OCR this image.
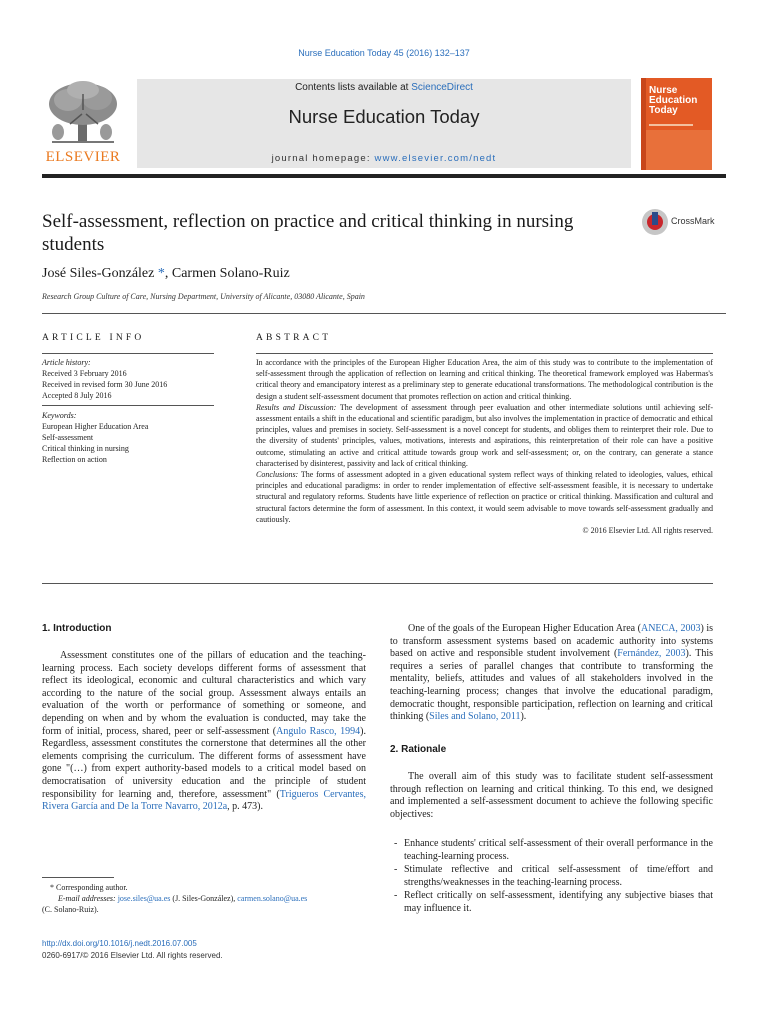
Nurse Education Today 45 (2016) 132–137
ELSEVIER
Contents lists available at ScienceDirect
Nurse Education Today
journal homepage: www.elsevier.com/nedt
Nurse Education Today
Self-assessment, reflection on practice and critical thinking in nursing students
CrossMark
José Siles-González *, Carmen Solano-Ruiz
Research Group Culture of Care, Nursing Department, University of Alicante, 03080 Alicante, Spain
ARTICLE INFO	ABSTRACT
Article history:
Received 3 February 2016
Received in revised form 30 June 2016
Accepted 8 July 2016
Keywords:
European Higher Education Area
Self-assessment
Critical thinking in nursing
Reflection on action

In accordance with the principles of the European Higher Education Area, the aim of this study was to contribute to the implementation of self-assessment through the application of reflection on learning and critical thinking. The theoretical framework employed was Habermas's critical theory and emancipatory interest as a preliminary step to generate educational transformations. The methodological contribution is the design a student self-assessment document that promotes reflection on action and critical thinking.

Results and Discussion: The development of assessment through peer evaluation and other intermediate solutions until achieving self-assessment entails a shift in the educational and scientific paradigm, but also involves the implementation in practice of democratic and ethical principles, values and premises in society. Self-assessment is a novel concept for students, and obliges them to reinterpret their role. Due to the diversity of students' principles, values, motivations, interests and aspirations, this reinterpretation of their role can have a positive outcome, stimulating an active and critical attitude towards group work and self-assessment; or, on the contrary, can generate a stance characterised by disinterest, passivity and lack of critical thinking.

Conclusions: The forms of assessment adopted in a given educational system reflect ways of thinking related to ideologies, values, ethical principles and educational paradigms: in order to render implementation of effective self-assessment feasible, it is necessary to undertake structural and regulatory reforms. Students have little experience of reflection on practice or critical thinking. Massification and cultural and structural factors determine the form of assessment. In this context, it would seem advisable to move towards self-assessment gradually and cautiously.

© 2016 Elsevier Ltd. All rights reserved.

1. Introduction

Assessment constitutes one of the pillars of education and the teaching-learning process. Each society develops different forms of assessment that reflect its ideological, economic and cultural characteristics and which vary according to the nature of the social group. Assessment always entails an evaluation of the worth or performance of something or someone, and depending on when and by whom the evaluation is conducted, may take the form of initial, process, shared, peer or self-assessment (Angulo Rasco, 1994). Regardless, assessment constitutes the cornerstone that determines all the other elements comprising the curriculum. The different forms of assessment have gone "(…) from expert authority-based models to a critical model based on democratisation of university education and the principle of student responsibility for learning and, therefore, assessment" (Trigueros Cervantes, Rivera García and De la Torre Navarro, 2012a, p. 473).

* Corresponding author.
E-mail addresses: jose.siles@ua.es (J. Siles-González), carmen.solano@ua.es
(C. Solano-Ruiz).
http://dx.doi.org/10.1016/j.nedt.2016.07.005
0260-6917/© 2016 Elsevier Ltd. All rights reserved.

One of the goals of the European Higher Education Area (ANECA, 2003) is to transform assessment systems based on academic authority into systems based on active and responsible student involvement (Fernández, 2003). This requires a series of parallel changes that contribute to transforming the mentality, beliefs, attitudes and values of all stakeholders involved in the teaching-learning process; changes that involve the educational paradigm, democratic thought, responsible participation, reflection on learning and critical thinking (Siles and Solano, 2011).

2. Rationale

The overall aim of this study was to facilitate student self-assessment through reflection on learning and critical thinking. To this end, we designed and implemented a self-assessment document to achieve the following specific objectives:

- Enhance students' critical self-assessment of their overall performance in the teaching-learning process.
- Stimulate reflective and critical self-assessment of time/effort and strengths/weaknesses in the teaching-learning process.
- Reflect critically on self-assessment, identifying any subjective biases that may influence it.
